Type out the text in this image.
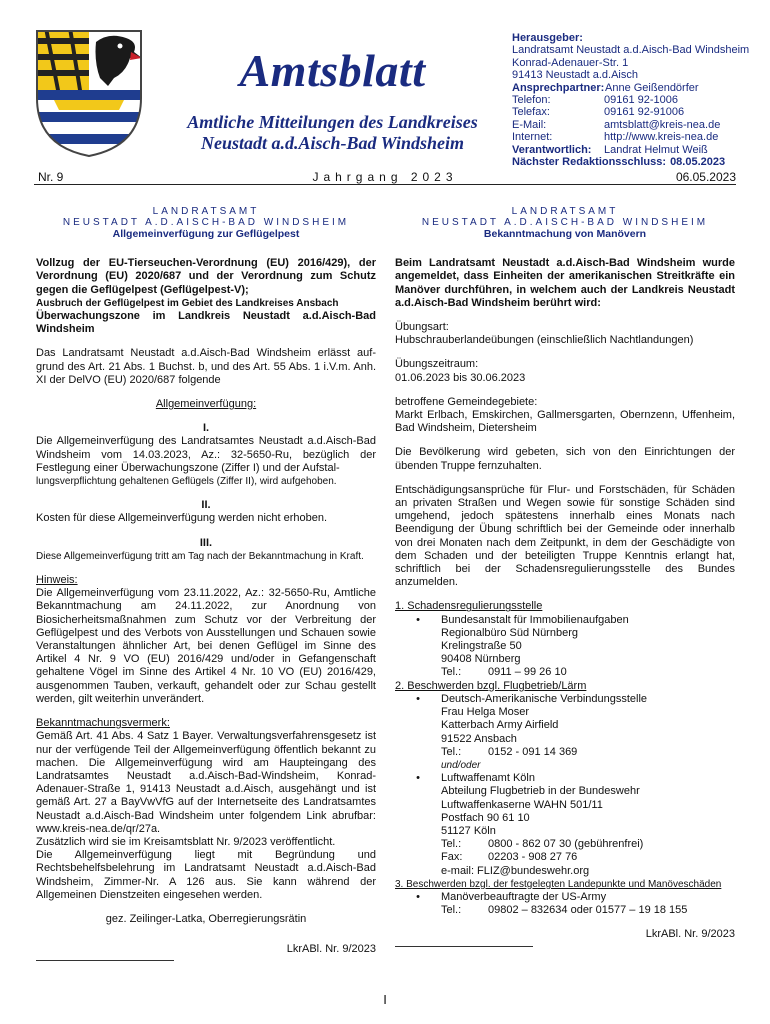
Amtsblatt
Amtliche Mitteilungen des Landkreises
Neustadt a.d.Aisch-Bad Windsheim
Herausgeber:
Landratsamt Neustadt a.d.Aisch-Bad Windsheim
Konrad-Adenauer-Str. 1
91413 Neustadt a.d.Aisch
Ansprechpartner: Anne Geißendörfer
Telefon:	09161 92-1006
Telefax:	09161 92-91006
E-Mail:	amtsblatt@kreis-nea.de
Internet:	http://www.kreis-nea.de
Verantwortlich:	Landrat Helmut Weiß
Nächster Redaktionsschluss: 08.05.2023
Nr. 9	Jahrgang 2023	06.05.2023
LANDRATSAMT
NEUSTADT A.D.AISCH-BAD WINDSHEIM
Allgemeinverfügung zur Geflügelpest

Vollzug der EU-Tierseuchen-Verordnung (EU) 2016/429), der Verordnung (EU) 2020/687 und der Verordnung zum Schutz gegen die Geflügelpest (Geflügelpest-V);

Ausbruch der Geflügelpest im Gebiet des Landkreises Ansbach

Überwachungszone im Landkreis Neustadt a.d.Aisch-Bad Windsheim

Das Landratsamt Neustadt a.d.Aisch-Bad Windsheim erlässt auf-grund des Art. 21 Abs. 1 Buchst. b, und des Art. 55 Abs. 1 i.V.m. Anh. XI der DelVO (EU) 2020/687 folgende

Allgemeinverfügung:

I.

Die Allgemeinverfügung des Landratsamtes Neustadt a.d.Aisch-Bad Windsheim vom 14.03.2023, Az.: 32-5650-Ru, bezüglich der Festlegung einer Überwachungszone (Ziffer I) und der Aufstal-

lungsverpflichtung gehaltenen Geflügels (Ziffer II), wird aufgehoben.

II.

Kosten für diese Allgemeinverfügung werden nicht erhoben.

III.

Diese Allgemeinverfügung tritt am Tag nach der Bekanntmachung in Kraft.

Hinweis:

Die Allgemeinverfügung vom 23.11.2022, Az.: 32-5650-Ru, Amtliche Bekanntmachung am 24.11.2022, zur Anordnung von Biosicherheitsmaßnahmen zum Schutz vor der Verbreitung der Geflügelpest und des Verbots von Ausstellungen und Schauen sowie Veranstaltungen ähnlicher Art, bei denen Geflügel im Sinne des Artikel 4 Nr. 9 VO (EU) 2016/429 und/oder in Gefangenschaft gehaltene Vögel im Sinne des Artikel 4 Nr. 10 VO (EU) 2016/429, ausgenommen Tauben, verkauft, gehandelt oder zur Schau gestellt werden, gilt weiterhin unverändert.

Bekanntmachungsvermerk:

Gemäß Art. 41 Abs. 4 Satz 1 Bayer. Verwaltungsverfahrensgesetz ist nur der verfügende Teil der Allgemeinverfügung öffentlich bekannt zu machen. Die Allgemeinverfügung wird am Haupteingang des Landratsamtes Neustadt a.d.Aisch-Bad-Windsheim, Konrad-Adenauer-Straße 1, 91413 Neustadt a.d.Aisch, ausgehängt und ist gemäß Art. 27 a BayVwVfG auf der Internetseite des Landratsamtes Neustadt a.d.Aisch-Bad Windsheim unter folgendem Link abrufbar: www.kreis-nea.de/qr/27a.

Zusätzlich wird sie im Kreisamtsblatt Nr. 9/2023 veröffentlicht.

Die Allgemeinverfügung liegt mit Begründung und Rechtsbehelfsbelehrung im Landratsamt Neustadt a.d.Aisch-Bad Windsheim, Zimmer-Nr. A 126 aus. Sie kann während der Allgemeinen Dienstzeiten eingesehen werden.

gez. Zeilinger-Latka, Oberregierungsrätin

LkrABl. Nr. 9/2023

LANDRATSAMT
NEUSTADT A.D.AISCH-BAD WINDSHEIM
Bekanntmachung von Manövern

Beim Landratsamt Neustadt a.d.Aisch-Bad Windsheim wurde angemeldet, dass Einheiten der amerikanischen Streitkräfte ein Manöver durchführen, in welchem auch der Landkreis Neustadt a.d.Aisch-Bad Windsheim berührt wird:

Übungsart:

Hubschrauberlandeübungen (einschließlich Nachtlandungen)

Übungszeitraum:

01.06.2023 bis 30.06.2023

betroffene Gemeindegebiete:

Markt Erlbach, Emskirchen, Gallmersgarten, Obernzenn, Uffenheim, Bad Windsheim, Dietersheim

Die Bevölkerung wird gebeten, sich von den Einrichtungen der übenden Truppe fernzuhalten.

Entschädigungsansprüche für Flur- und Forstschäden, für Schäden an privaten Straßen und Wegen sowie für sonstige Schäden sind umgehend, jedoch spätestens innerhalb eines Monats nach Beendigung der Übung schriftlich bei der Gemeinde oder innerhalb von drei Monaten nach dem Zeitpunkt, in dem der Geschädigte von dem Schaden und der beteiligten Truppe Kenntnis erlangt hat, schriftlich bei der Schadensregulierungsstelle des Bundes anzumelden.

1. Schadensregulierungsstelle

•	Bundesanstalt für Immobilienaufgaben
Regionalbüro Süd Nürnberg
Krelingstraße 50
90408 Nürnberg
Tel.:	0911 – 99 26 10

2. Beschwerden bzgl. Flugbetrieb/Lärm

•	Deutsch-Amerikanische Verbindungsstelle
Frau Helga Moser
Katterbach Army Airfield
91522 Ansbach
Tel.:	0152 - 091 14 369
und/oder
•	Luftwaffenamt Köln
Abteilung Flugbetrieb in der Bundeswehr
Luftwaffenkaserne WAHN 501/11
Postfach 90 61 10
51127 Köln
Tel.:	0800 - 862 07 30 (gebührenfrei)
Fax:	02203 - 908 27 76
e-mail: FLIZ@bundeswehr.org

3. Beschwerden bzgl. der festgelegten Landepunkte und Manöveschäden

•	Manöverbeauftragte der US-Army
Tel.:	09802 – 832634 oder 01577 – 19 18 155

LkrABl. Nr. 9/2023

I
